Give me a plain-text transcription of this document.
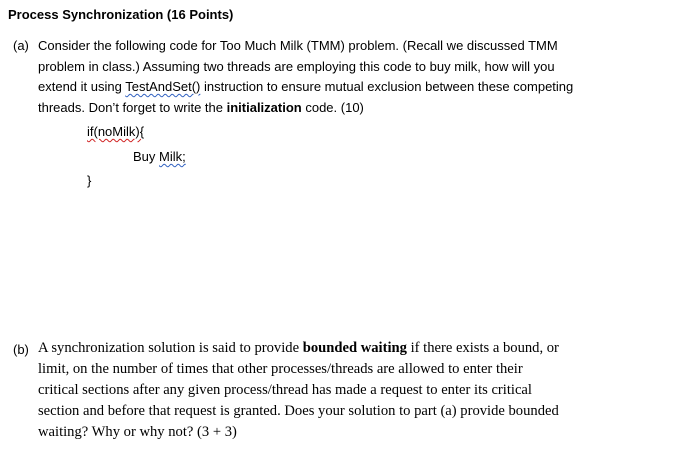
Process Synchronization (16 Points)
(a) Consider the following code for Too Much Milk (TMM) problem. (Recall we discussed TMM
problem in class.) Assuming two threads are employing this code to buy milk, how will you
extend it using TestAndSet() instruction to ensure mutual exclusion between these competing
threads. Don’t forget to write the initialization code. (10)
if(noMilk){
Buy Milk;
}
(b) A synchronization solution is said to provide bounded waiting if there exists a bound, or
limit, on the number of times that other processes/threads are allowed to enter their
critical sections after any given process/thread has made a request to enter its critical
section and before that request is granted. Does your solution to part (a) provide bounded
waiting? Why or why not? (3 + 3)
